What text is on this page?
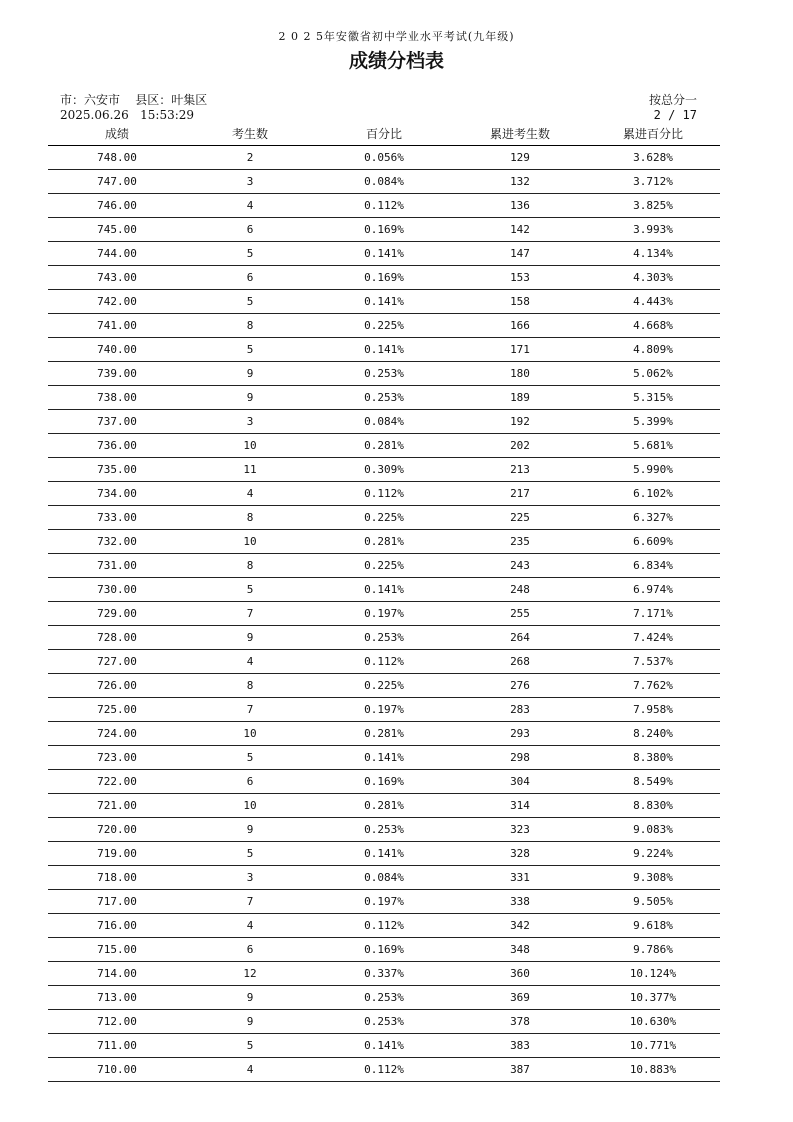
2 0 2 5年安徽省初中学业水平考试(九年级)
成绩分档表
市：六安市    县区：叶集区
2025.06.26   15:53:29
按总分一
2 / 17
成绩	考生数	百分比	累进考生数	累进百分比
748.00	2	0.056%	129	3.628%
747.00	3	0.084%	132	3.712%
746.00	4	0.112%	136	3.825%
745.00	6	0.169%	142	3.993%
744.00	5	0.141%	147	4.134%
743.00	6	0.169%	153	4.303%
742.00	5	0.141%	158	4.443%
741.00	8	0.225%	166	4.668%
740.00	5	0.141%	171	4.809%
739.00	9	0.253%	180	5.062%
738.00	9	0.253%	189	5.315%
737.00	3	0.084%	192	5.399%
736.00	10	0.281%	202	5.681%
735.00	11	0.309%	213	5.990%
734.00	4	0.112%	217	6.102%
733.00	8	0.225%	225	6.327%
732.00	10	0.281%	235	6.609%
731.00	8	0.225%	243	6.834%
730.00	5	0.141%	248	6.974%
729.00	7	0.197%	255	7.171%
728.00	9	0.253%	264	7.424%
727.00	4	0.112%	268	7.537%
726.00	8	0.225%	276	7.762%
725.00	7	0.197%	283	7.958%
724.00	10	0.281%	293	8.240%
723.00	5	0.141%	298	8.380%
722.00	6	0.169%	304	8.549%
721.00	10	0.281%	314	8.830%
720.00	9	0.253%	323	9.083%
719.00	5	0.141%	328	9.224%
718.00	3	0.084%	331	9.308%
717.00	7	0.197%	338	9.505%
716.00	4	0.112%	342	9.618%
715.00	6	0.169%	348	9.786%
714.00	12	0.337%	360	10.124%
713.00	9	0.253%	369	10.377%
712.00	9	0.253%	378	10.630%
711.00	5	0.141%	383	10.771%
710.00	4	0.112%	387	10.883%
